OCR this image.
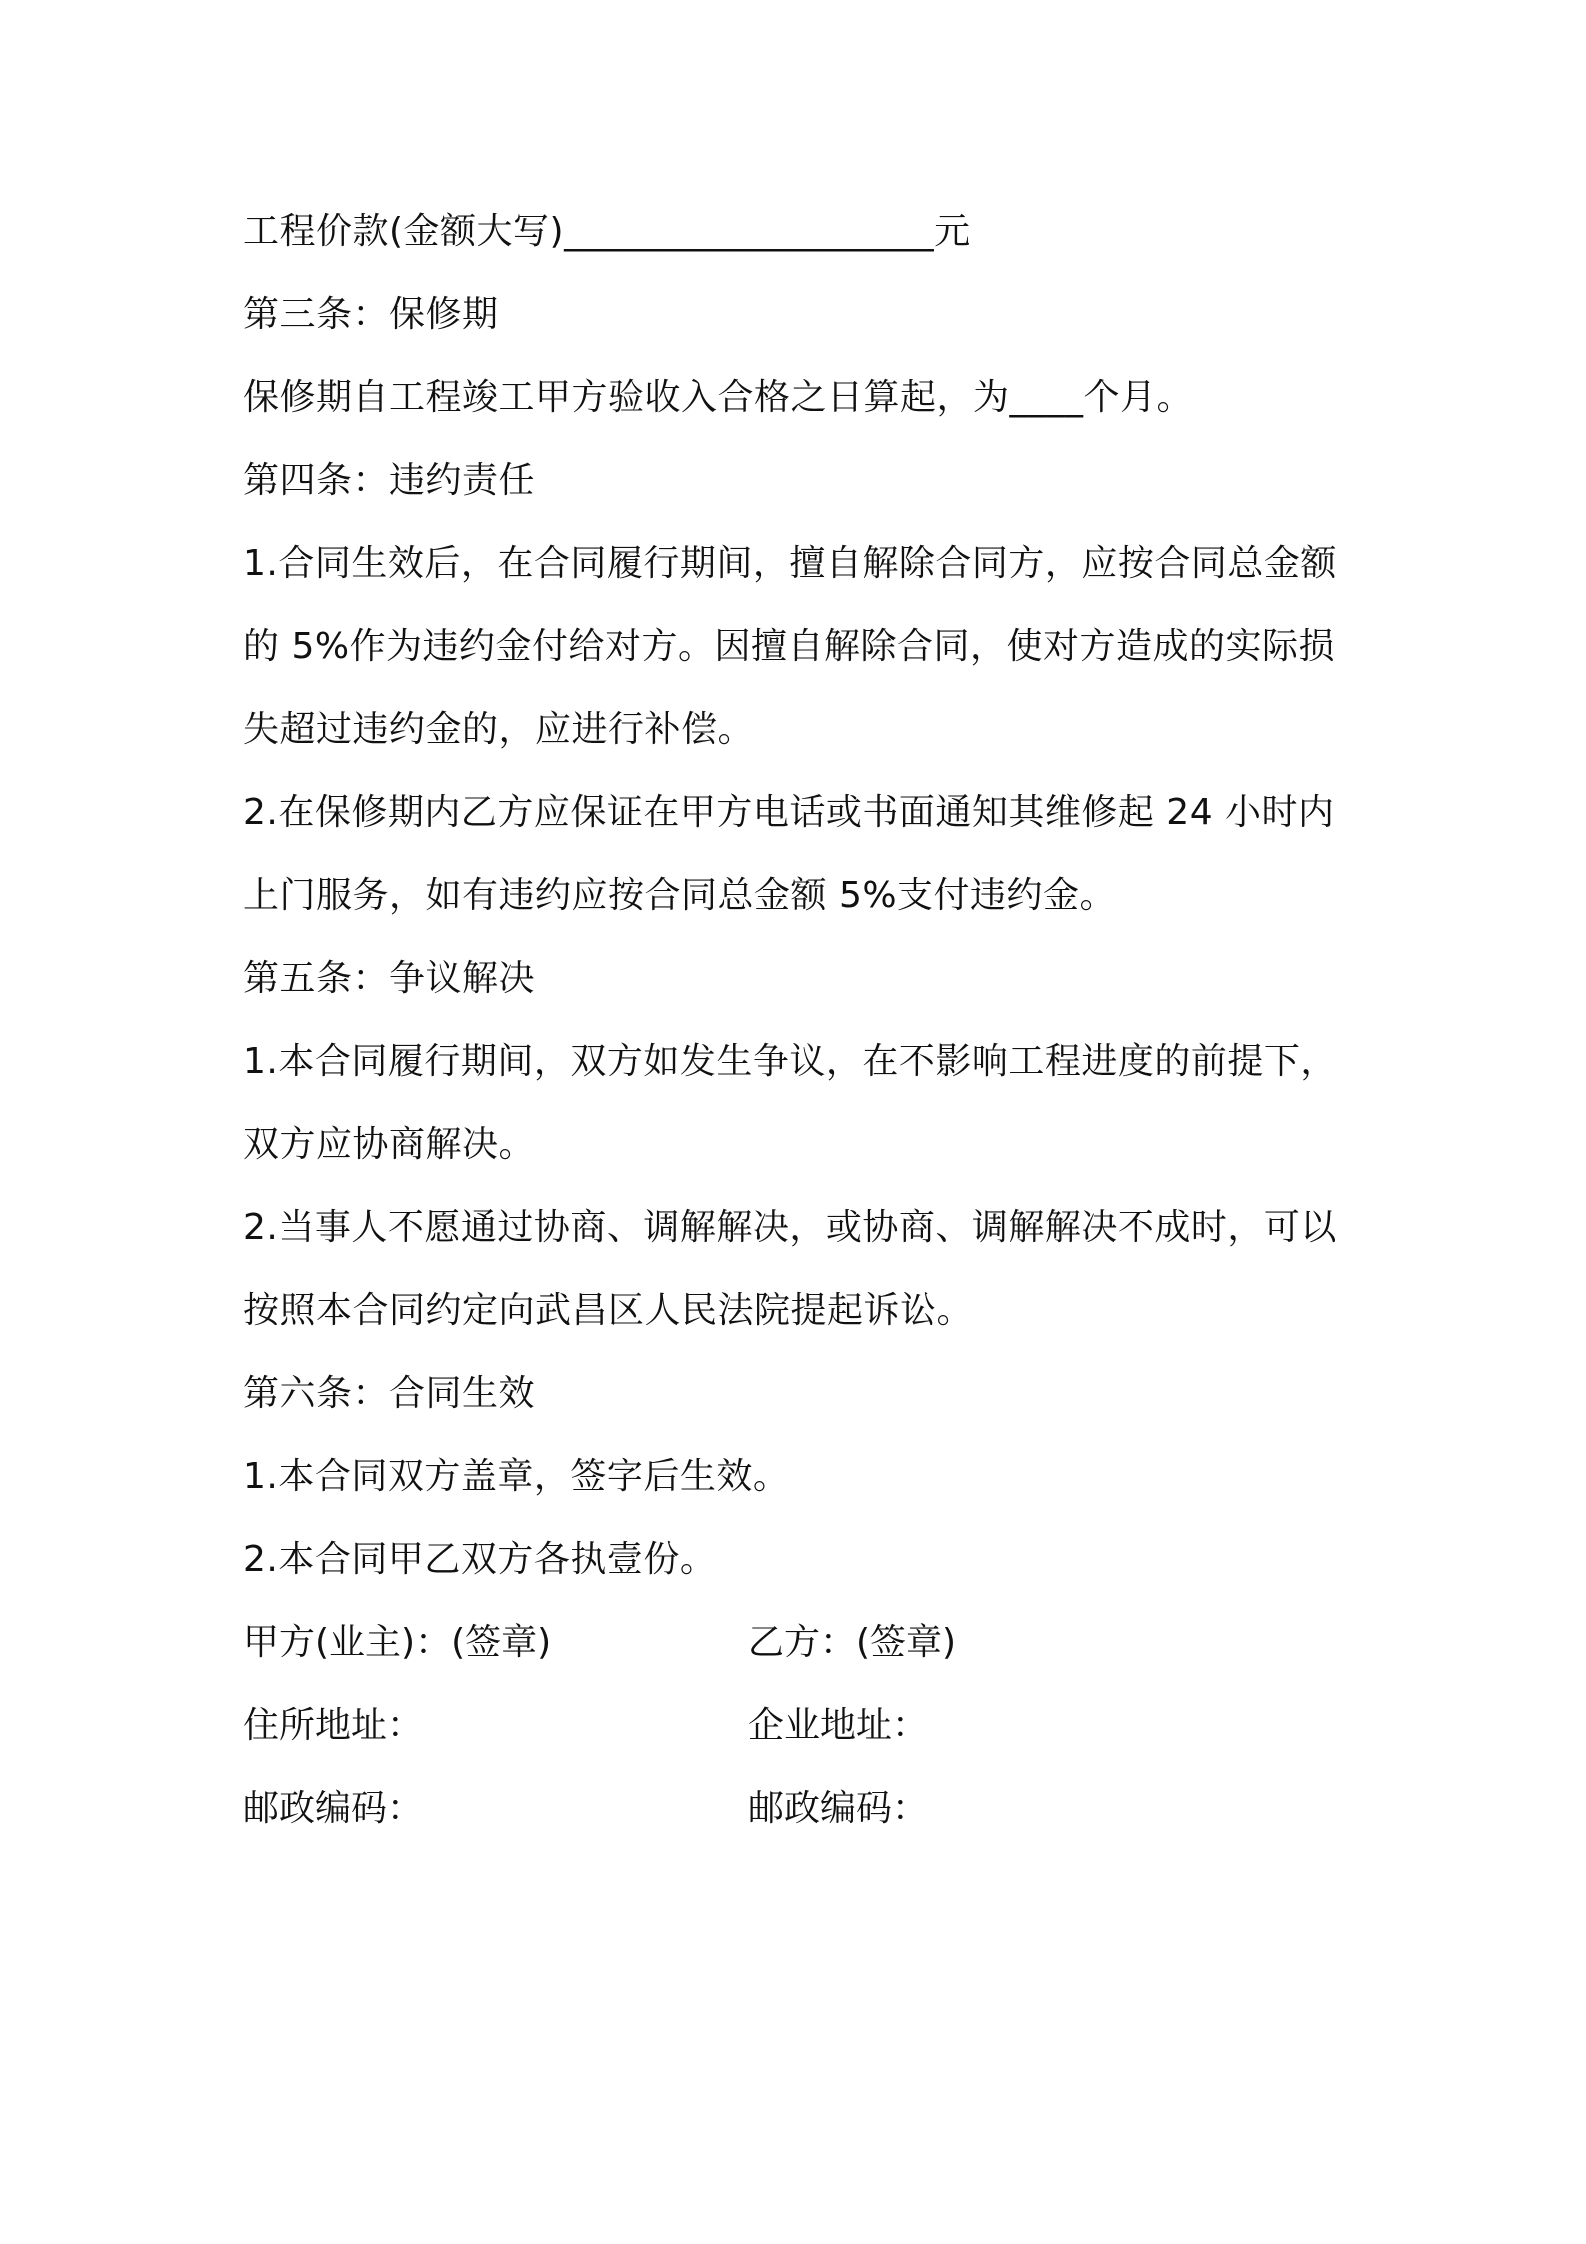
工程价款(金额大写)____________________元
第三条：保修期
保修期自工程竣工甲方验收入合格之日算起，为____个月。
第四条：违约责任
1.合同生效后，在合同履行期间，擅自解除合同方，应按合同总金额
的 5%作为违约金付给对方。因擅自解除合同，使对方造成的实际损
失超过违约金的，应进行补偿。
2.在保修期内乙方应保证在甲方电话或书面通知其维修起 24 小时内
上门服务，如有违约应按合同总金额 5%支付违约金。
第五条：争议解决
1.本合同履行期间，双方如发生争议，在不影响工程进度的前提下，
双方应协商解决。
2.当事人不愿通过协商、调解解决，或协商、调解解决不成时，可以
按照本合同约定向武昌区人民法院提起诉讼。
第六条：合同生效
1.本合同双方盖章，签字后生效。
2.本合同甲乙双方各执壹份。
甲方(业主)：(签章)	乙方：(签章)
住所地址：	企业地址：
邮政编码：	邮政编码：
